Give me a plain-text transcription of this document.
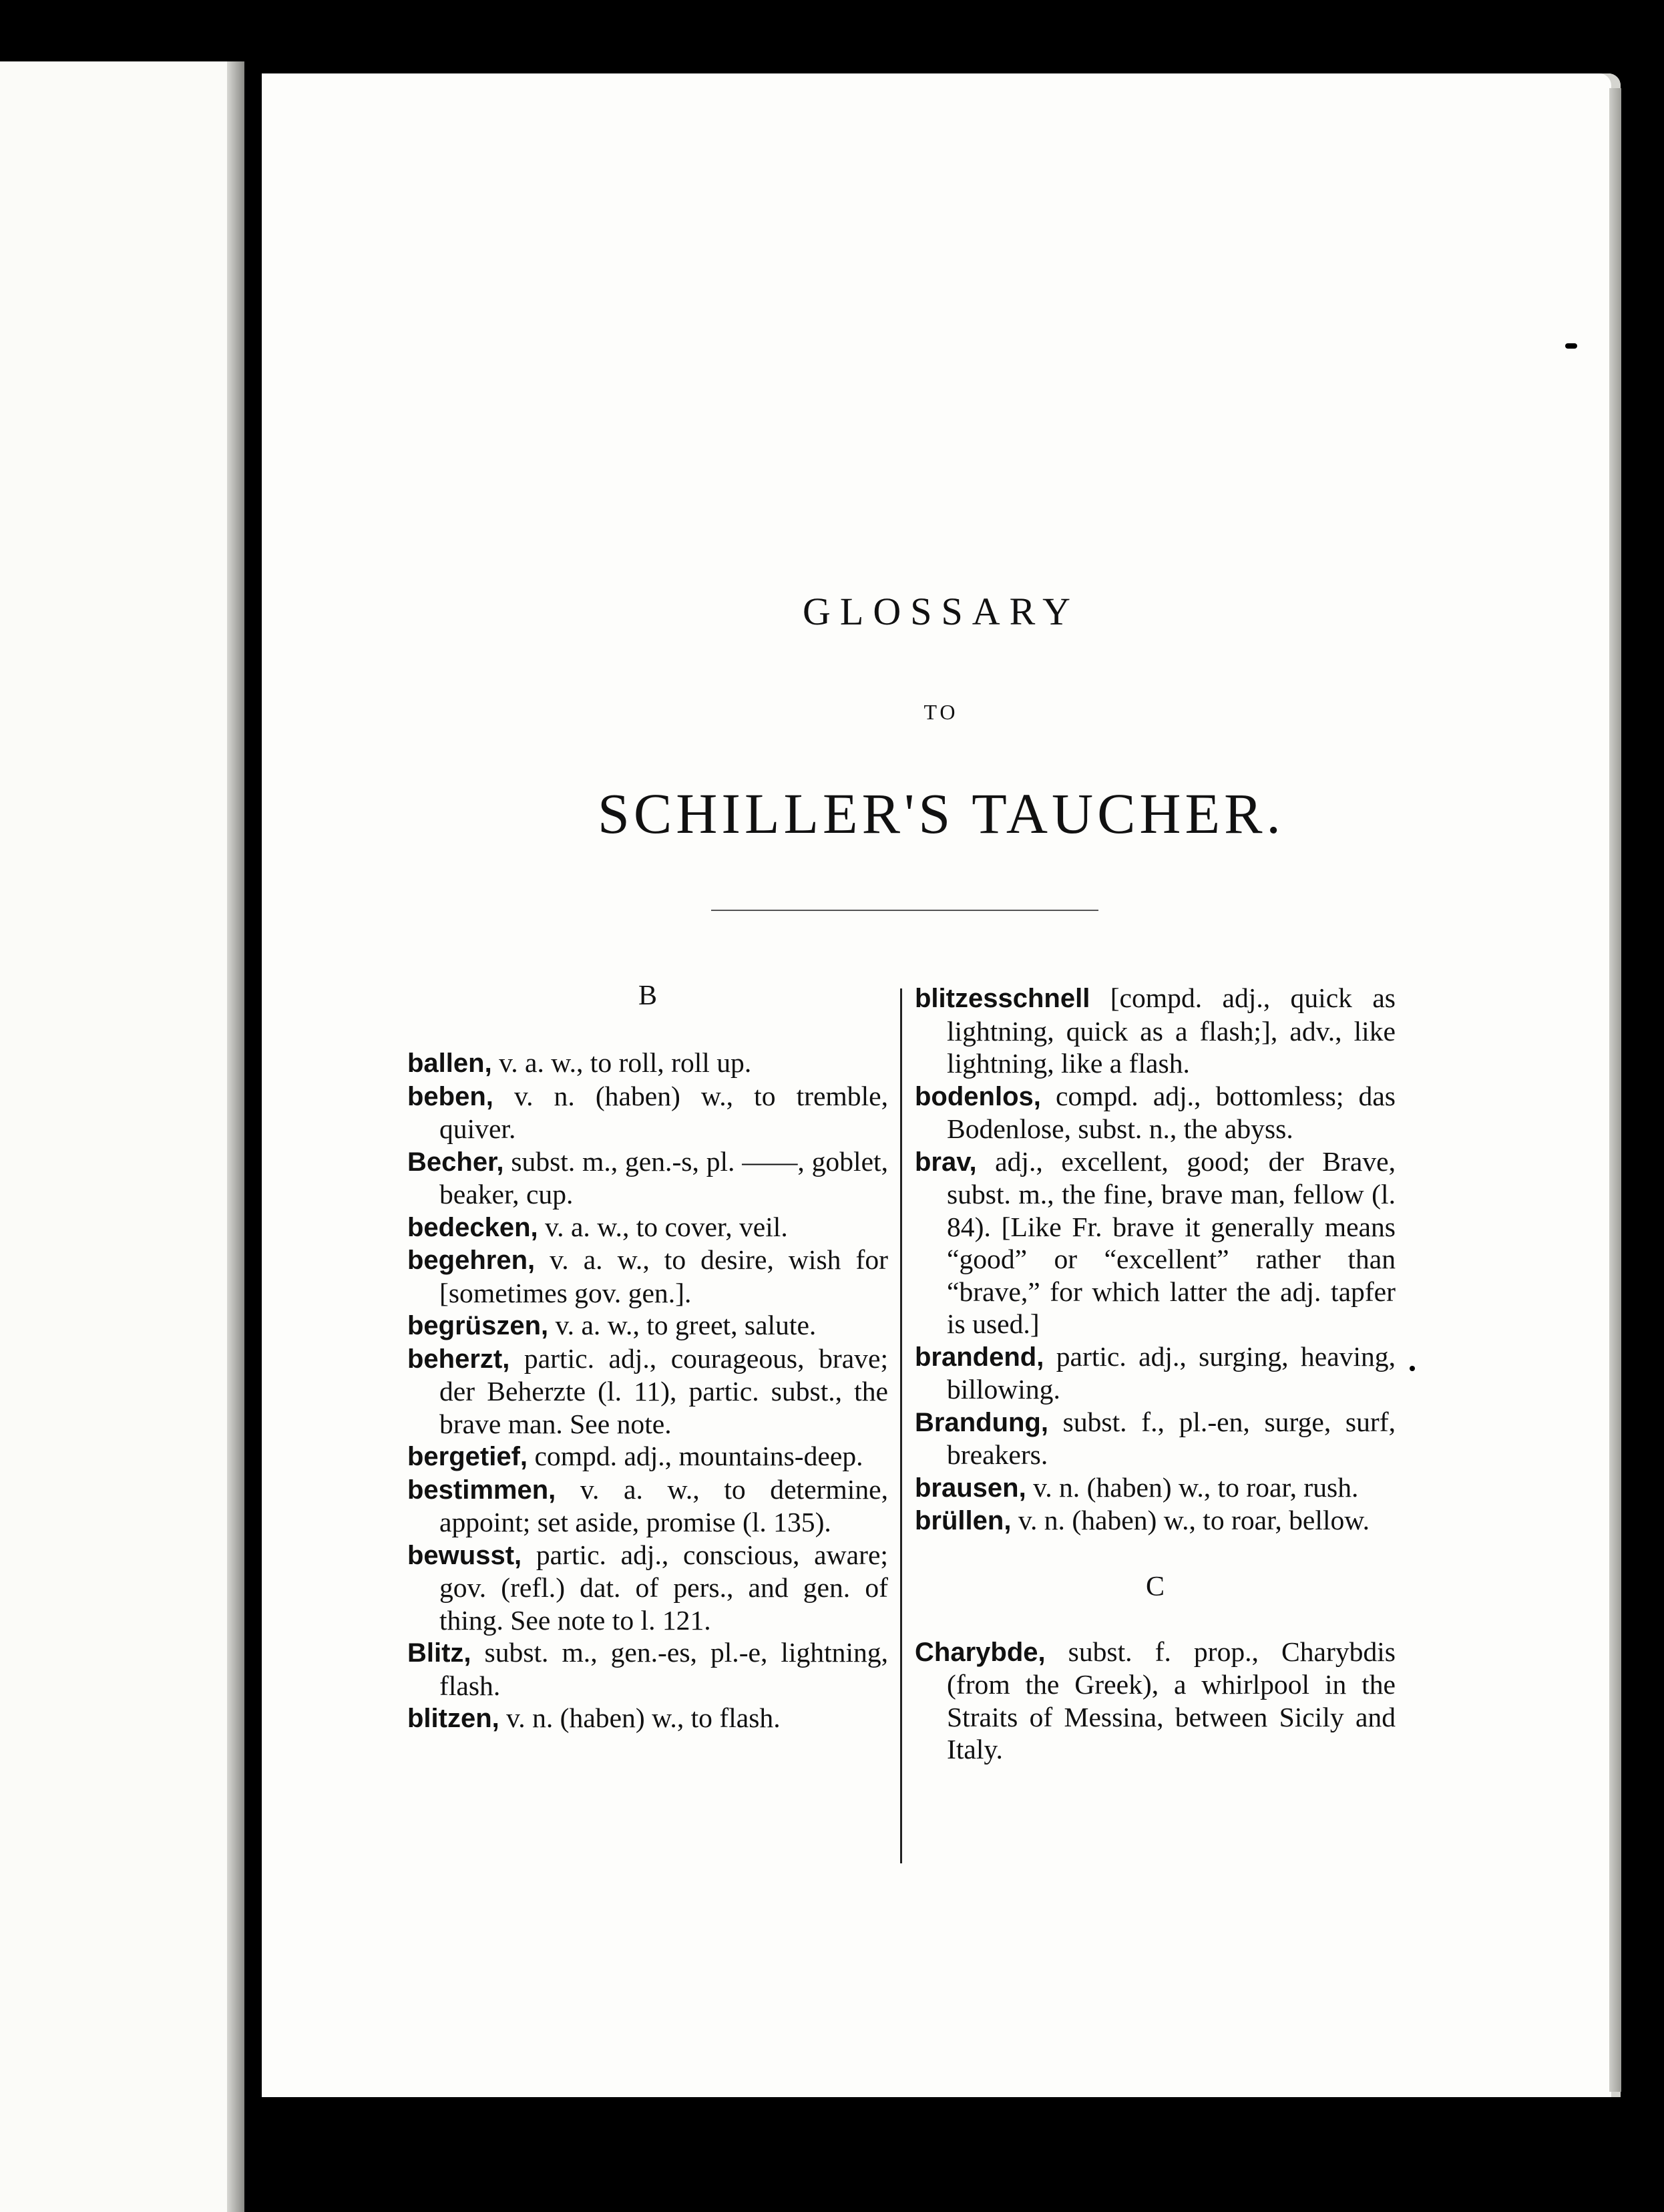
GLOSSARY
TO
SCHILLER'S TAUCHER.
B

ballen, v. a. w., to roll, roll up.

beben, v. n. (haben) w., to tremble, quiver.

Becher, subst. m., gen.-s, pl. ——, goblet, beaker, cup.

bedecken, v. a. w., to cover, veil.

begehren, v. a. w., to desire, wish for [sometimes gov. gen.].

begrüszen, v. a. w., to greet, salute.

beherzt, partic. adj., courageous, brave; der Beherzte (l. 11), partic. subst., the brave man. See note.

bergetief, compd. adj., mountains-deep.

bestimmen, v. a. w., to determine, appoint; set aside, promise (l. 135).

bewusst, partic. adj., conscious, aware; gov. (refl.) dat. of pers., and gen. of thing. See note to l. 121.

Blitz, subst. m., gen.-es, pl.-e, lightning, flash.

blitzen, v. n. (haben) w., to flash.

blitzesschnell [compd. adj., quick as lightning, quick as a flash;], adv., like lightning, like a flash.

bodenlos, compd. adj., bottomless; das Bodenlose, subst. n., the abyss.

brav, adj., excellent, good; der Brave, subst. m., the fine, brave man, fellow (l. 84). [Like Fr. brave it generally means “good” or “excellent” rather than “brave,” for which latter the adj. tapfer is used.]

brandend, partic. adj., surging, heaving, billowing.

Brandung, subst. f., pl.-en, surge, surf, breakers.

brausen, v. n. (haben) w., to roar, rush.

brüllen, v. n. (haben) w., to roar, bellow.

C

Charybde, subst. f. prop., Charybdis (from the Greek), a whirlpool in the Straits of Messina, between Sicily and Italy.
